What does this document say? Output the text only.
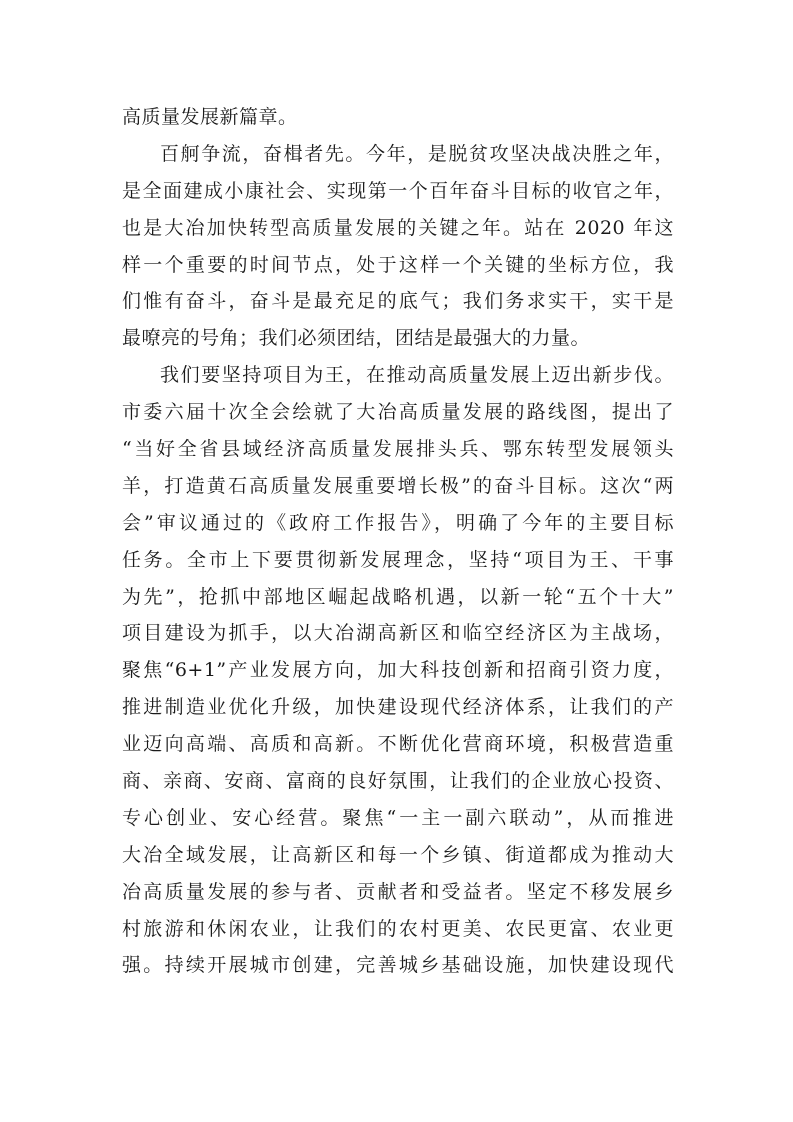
高质量发展新篇章。
百舸争流，奋楫者先。今年，是脱贫攻坚决战决胜之年，
是全面建成小康社会、实现第一个百年奋斗目标的收官之年，
也是大冶加快转型高质量发展的关键之年。站在 2020 年这
样一个重要的时间节点，处于这样一个关键的坐标方位，我
们惟有奋斗，奋斗是最充足的底气；我们务求实干，实干是
最嘹亮的号角；我们必须团结，团结是最强大的力量。
我们要坚持项目为王，在推动高质量发展上迈出新步伐。
市委六届十次全会绘就了大冶高质量发展的路线图，提出了
“当好全省县域经济高质量发展排头兵、鄂东转型发展领头
羊，打造黄石高质量发展重要增长极”的奋斗目标。这次“两
会”审议通过的《政府工作报告》，明确了今年的主要目标
任务。全市上下要贯彻新发展理念，坚持“项目为王、干事
为先”，抢抓中部地区崛起战略机遇，以新一轮“五个十大”
项目建设为抓手，以大冶湖高新区和临空经济区为主战场，
聚焦“6+1”产业发展方向，加大科技创新和招商引资力度，
推进制造业优化升级，加快建设现代经济体系，让我们的产
业迈向高端、高质和高新。不断优化营商环境，积极营造重
商、亲商、安商、富商的良好氛围，让我们的企业放心投资、
专心创业、安心经营。聚焦“一主一副六联动”，从而推进
大冶全域发展，让高新区和每一个乡镇、街道都成为推动大
冶高质量发展的参与者、贡献者和受益者。坚定不移发展乡
村旅游和休闲农业，让我们的农村更美、农民更富、农业更
强。持续开展城市创建，完善城乡基础设施，加快建设现代
